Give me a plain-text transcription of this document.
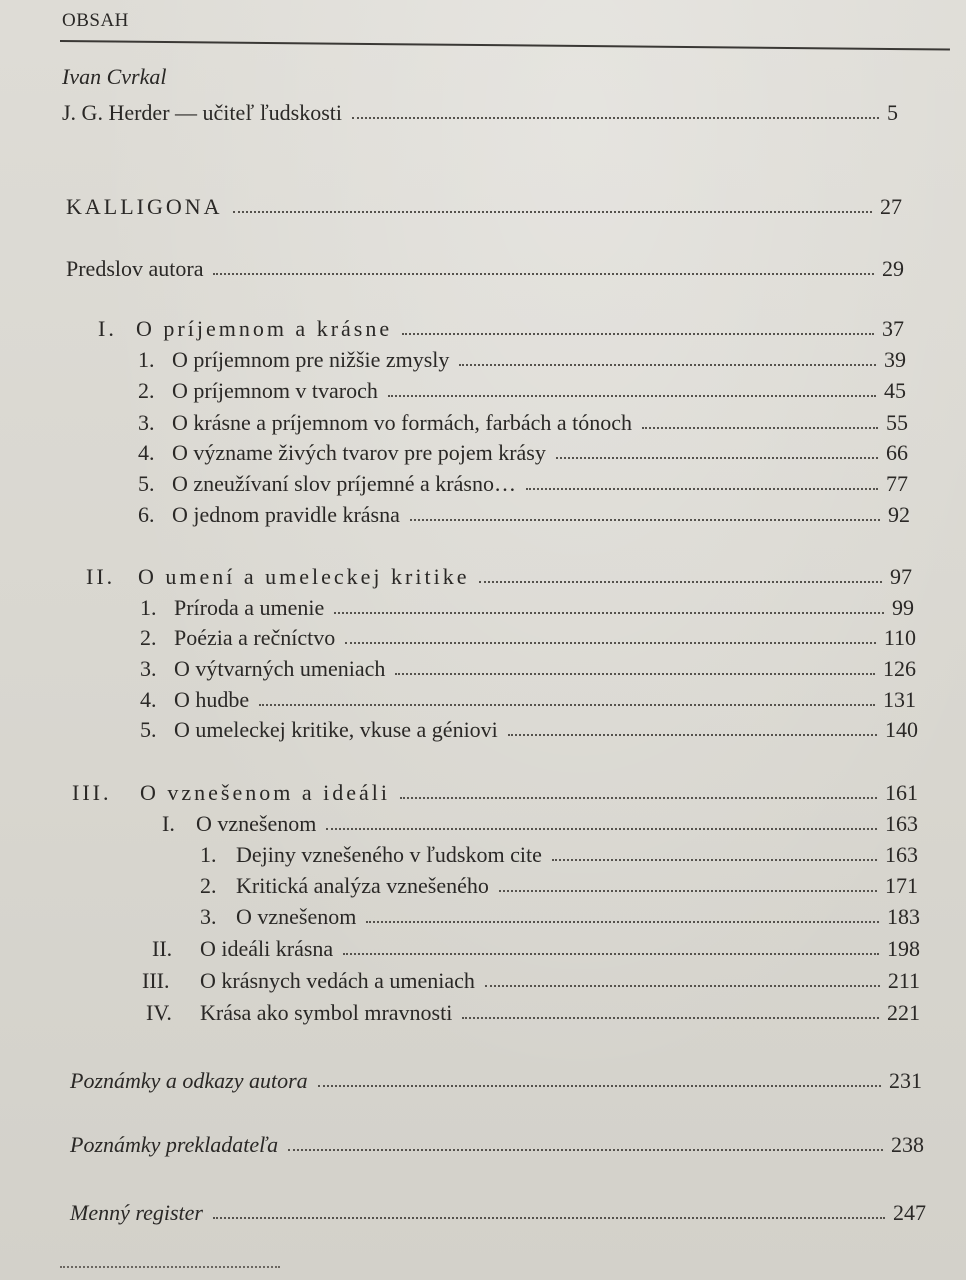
OBSAH
Ivan Cvrkal
J. G. Herder — učiteľ ľudskosti	5
KALLIGONA	27
Predslov autora	29
I. O príjemnom a krásne	37
1. O príjemnom pre nižšie zmysly	39
2. O príjemnom v tvaroch	45
3. O krásne a príjemnom vo formách, farbách a tónoch	55
4. O význame živých tvarov pre pojem krásy	66
5. O zneužívaní slov príjemné a krásno…	77
6. O jednom pravidle krásna	92
II.	O umení a umeleckej kritike	97
1. Príroda a umenie	99
2. Poézia a rečníctvo	110
3. O výtvarných umeniach	126
4. O hudbe	131
5. O umeleckej kritike, vkuse a géniovi	140
III.	O vznešenom a ideáli	161
I. O vznešenom	163
1. Dejiny vznešeného v ľudskom cite	163
2. Kritická analýza vznešeného	171
3. O vznešenom	183
II.	O ideáli krásna	198
III.	O krásnych vedách a umeniach	211
IV.	Krása ako symbol mravnosti	221
Poznámky a odkazy autora	231
Poznámky prekladateľa	238
Menný register	247
